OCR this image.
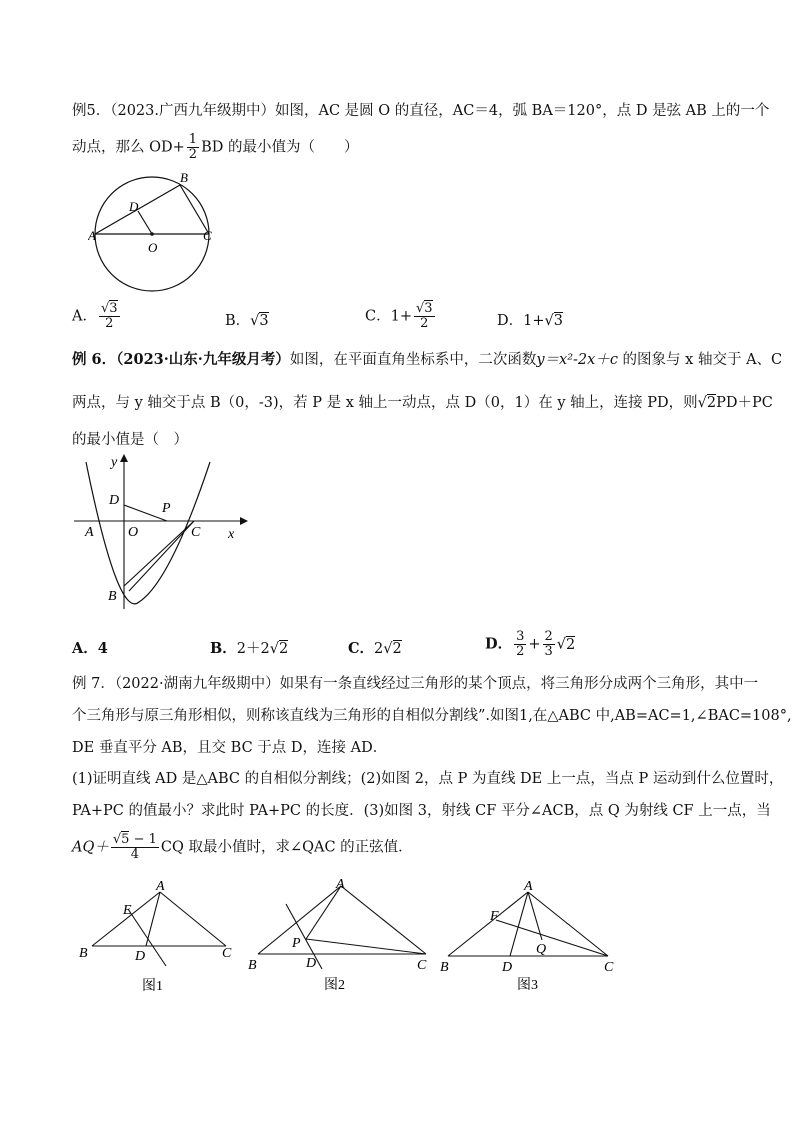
例5．（2023.广西九年级期中）如图，AC 是圆 O 的直径，AC＝4，弧 BA＝120°，点 D 是弦 AB 上的一个
动点，那么 $OD+ \frac{1}{2}$ BD 的最小值为（　　）
A
B
C
D
O
A． $\frac{√3}{2}$	B．√3	C．$1+ \frac{√3}{2}$	D．1+√3
例 6．（2023·山东·九年级月考）如图，在平面直角坐标系中，二次函数y＝x²-2x＋c 的图象与 x 轴交于 A、C
两点，与 y 轴交于点 B（0，-3)，若 P 是 x 轴上一动点，点 D（0，1）在 y 轴上，连接 PD，则√2PD＋PC
的最小值是（　）
y
x
D
P
A O	C
B
A．4	B．2＋2√2	C．2√2	D． $\frac{3}{2} + \frac{2}{3} √2$
例 7．（2022·湖南九年级期中）如果有一条直线经过三角形的某个顶点，将三角形分成两个三角形，其中一
个三角形与原三角形相似，则称该直线为三角形的自相似分割线”.如图1,在△ABC 中,AB=AC=1,∠BAC=108°,
DE 垂直平分 AB，且交 BC 于点 D，连接 AD．
(1)证明直线 AD 是△ABC 的自相似分割线；(2)如图 2，点 P 为直线 DE 上一点，当点 P 运动到什么位置时，
PA+PC 的值最小？求此时 PA+PC 的长度．(3)如图 3，射线 CF 平分∠ACB，点 Q 为射线 CF 上一点，当
$AQ+ \frac{√5 - 1}{4}$ CQ 取最小值时，求∠QAC 的正弦值．
A
B	C
D
E
图1
A
B	C
D
P
图2
A
B	C
D
F
Q
图3
